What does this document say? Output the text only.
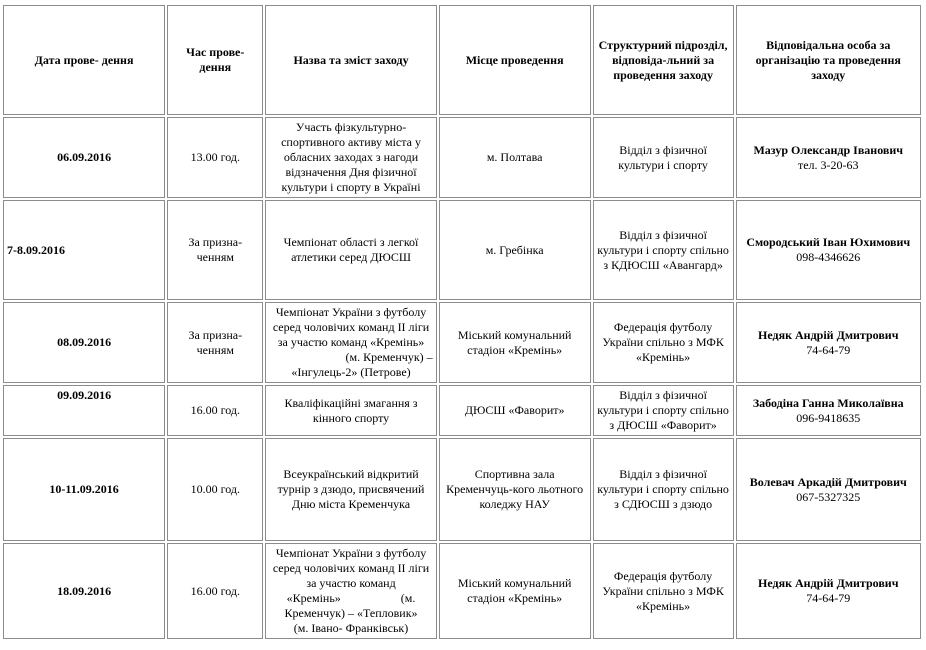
Дата прове- дення	Час прове-дення	Назва та зміст заходу	Місце проведення	Структурний підрозділ, відповіда-льний за проведення заходу	Відповідальна особа за організацію та проведення заходу
06.09.2016	13.00 год.	Участь фізкультурно-спортивного активу міста у обласних заходах з нагоди відзначення Дня фізичної культури і спорту в Україні	м. Полтава	Відділ з фізичної культури і спорту	Мазур Олександр Іванович
тел. 3-20-63

7-8.09.2016	За призна-ченням	Чемпіонат області з легкої атлетики серед ДЮСШ	м. Гребінка	Відділ з фізичної культури і спорту спільно з КДЮСШ «Авангард»	Смородський Іван Юхимович
098-4346626

08.09.2016	За призна-ченням	Чемпіонат України з футболу серед чоловічих команд ІІ ліги за участю команд «Кремінь»
(м. Кременчук) –
«Інгулець-2» (Петрове)	Міський комунальний стадіон «Кремінь»	Федерація футболу України спільно з МФК «Кремінь»	Недяк Андрій Дмитрович
74-64-79

09.09.2016	16.00 год.	Кваліфікаційні змагання з кінного спорту	ДЮСШ «Фаворит»	Відділ з фізичної культури і спорту спільно з ДЮСШ «Фаворит»	Забодіна Ганна Миколаївна
096-9418635

10-11.09.2016	10.00 год.	Всеукраїнський відкритий турнір з дзюдо, присвячений Дню міста Кременчука	Спортивна зала Кременчуць-кого льотного коледжу НАУ	Відділ з фізичної культури і спорту спільно з СДЮСШ з дзюдо	Волевач Аркадій Дмитрович
067-5327325

18.09.2016	16.00 год.	Чемпіонат України з футболу серед чоловічих команд ІІ ліги за участю команд
«Кремінь»                    (м. Кременчук) – «Тепловик»
(м. Івано- Франківськ)	Міський комунальний стадіон «Кремінь»	Федерація футболу України спільно з МФК «Кремінь»	Недяк Андрій Дмитрович
74-64-79
